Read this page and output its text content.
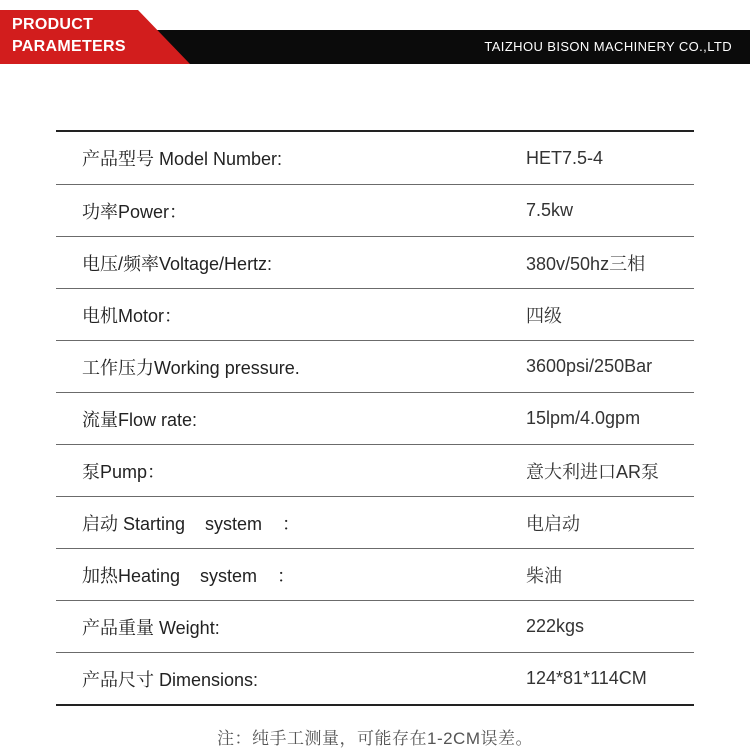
PRODUCT
PARAMETERS	TAIZHOU BISON MACHINERY CO.,LTD
产品型号 Model Number:	HET7.5-4
功率Power：	7.5kw
电压/频率Voltage/Hertz:	380v/50hz三相
电机Motor：	四级
工作压力Working pressure.	3600psi/250Bar
流量Flow rate:	15lpm/4.0gpm
泵Pump：	意大利进口AR泵
启动 Starting    system    ：	电启动
加热Heating    system    ：	柴油
产品重量 Weight:	222kgs
产品尺寸 Dimensions:	124*81*114CM
注：纯手工测量，可能存在1-2CM误差。
